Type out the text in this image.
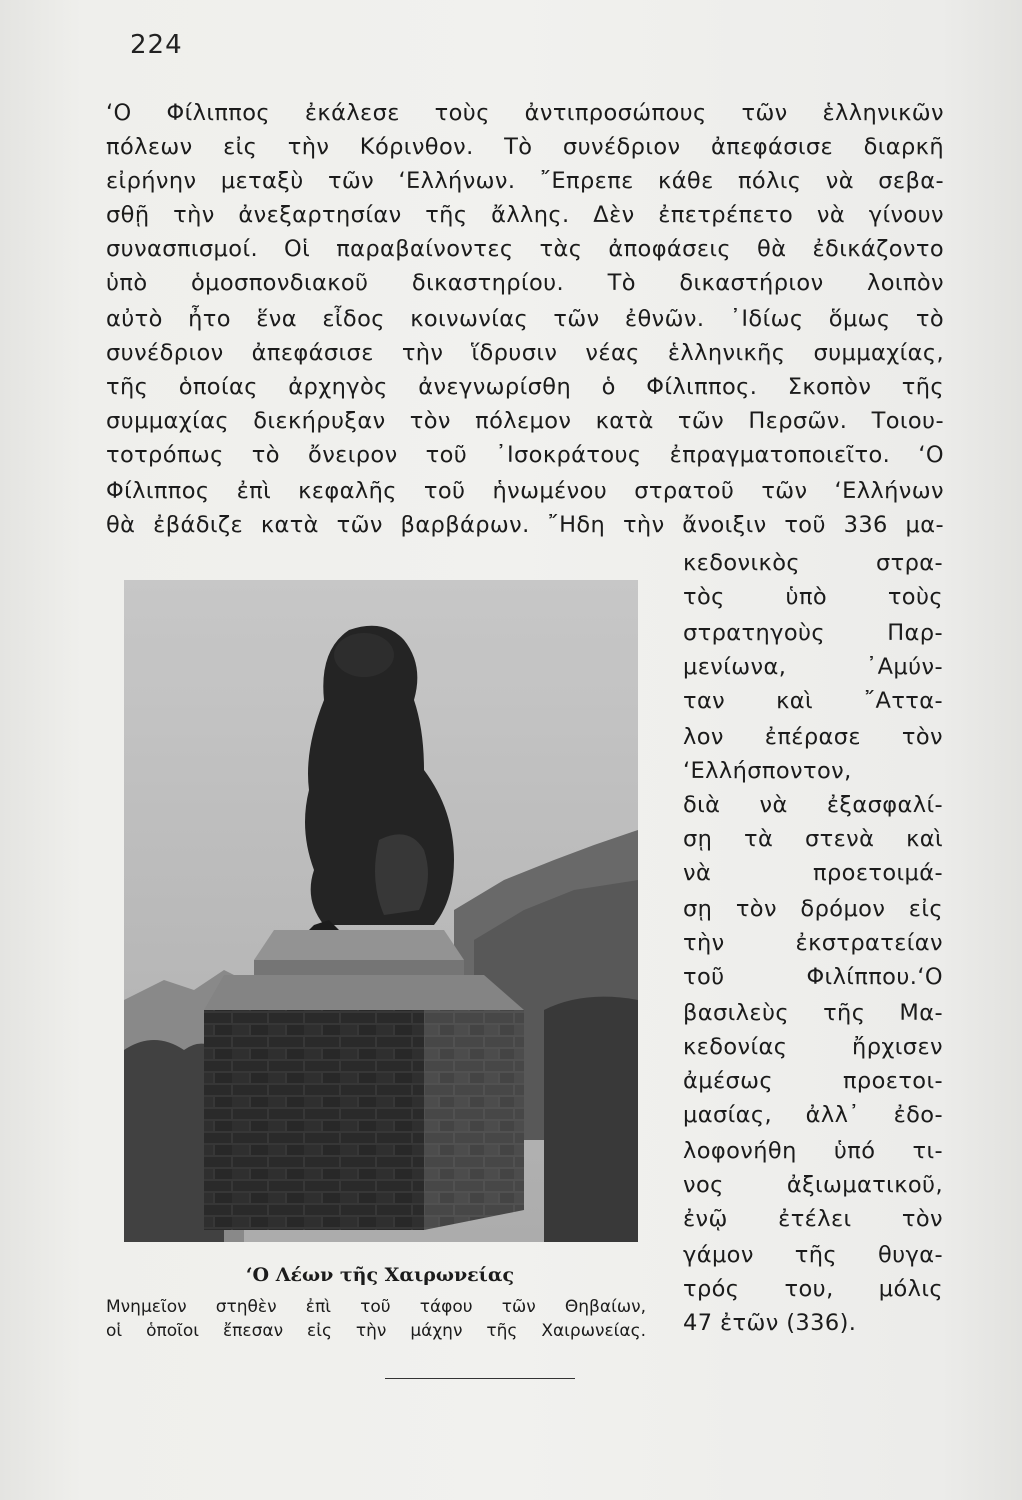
224
‘Ο Φίλιππος ἐκάλεσε τοὺς ἀντιπροσώπους τῶν ἑλληνικῶν
πόλεων εἰς τὴν Κόρινθον. Τὸ συνέδριον ἀπεφάσισε διαρκῆ
εἰρήνην μεταξὺ τῶν ‘Ελλήνων. ῎Επρεπε κάθε πόλις νὰ σεβα-
σθῇ τὴν ἀνεξαρτησίαν τῆς ἄλλης. Δὲν ἐπετρέπετο νὰ γίνουν
συνασπισμοί. Οἱ παραβαίνοντες τὰς ἀποφάσεις θὰ ἐδικάζοντο
ὑπὸ ὁμοσπονδιακοῦ δικαστηρίου. Τὸ δικαστήριον λοιπὸν
αὐτὸ ἦτο ἕνα εἶδος κοινωνίας τῶν ἐθνῶν. ᾽Ιδίως ὅμως τὸ
συνέδριον ἀπεφάσισε τὴν ἵδρυσιν νέας ἑλληνικῆς συμμαχίας,
τῆς ὁποίας ἀρχηγὸς ἀνεγνωρίσθη ὁ Φίλιππος. Σκοπὸν τῆς
συμμαχίας διεκήρυξαν τὸν πόλεμον κατὰ τῶν Περσῶν. Τοιου-
τοτρόπως τὸ ὄνειρον τοῦ ᾽Ισοκράτους ἐπραγματοποιεῖτο. ‘Ο
Φίλιππος ἐπὶ κεφαλῆς τοῦ ἡνωμένου στρατοῦ τῶν ‘Ελλήνων
θὰ ἐβάδιζε κατὰ τῶν βαρβάρων. ῎Ηδη τὴν ἄνοιξιν τοῦ 336 μα-
κεδονικὸς στρα-
τὸς ὑπὸ τοὺς
στρατηγοὺς Παρ-
μενίωνα, ᾽Αμύν-
ταν καὶ ῎Αττα-
λον ἐπέρασε τὸν
‘Ελλήσποντον,
διὰ νὰ ἐξασφαλί-
σῃ τὰ στενὰ καὶ
νὰ προετοιμά-
σῃ τὸν δρόμον εἰς
τὴν ἐκστρατείαν
τοῦ Φιλίππου.‘Ο
βασιλεὺς τῆς Μα-
κεδονίας ἤρχισεν
ἀμέσως προετοι-
μασίας, ἀλλ᾽ ἐδο-
λοφονήθη ὑπό τι-
νος ἀξιωματικοῦ,
ἐνῷ ἐτέλει τὸν
γάμον τῆς θυγα-
τρός του, μόλις
47 ἐτῶν (336).
‘Ο Λέων τῆς Χαιρωνείας
Μνημεῖον στηθὲν ἐπὶ τοῦ τάφου τῶν Θηβαίων,
οἱ ὁποῖοι ἔπεσαν εἰς τὴν μάχην τῆς Χαιρωνείας.
